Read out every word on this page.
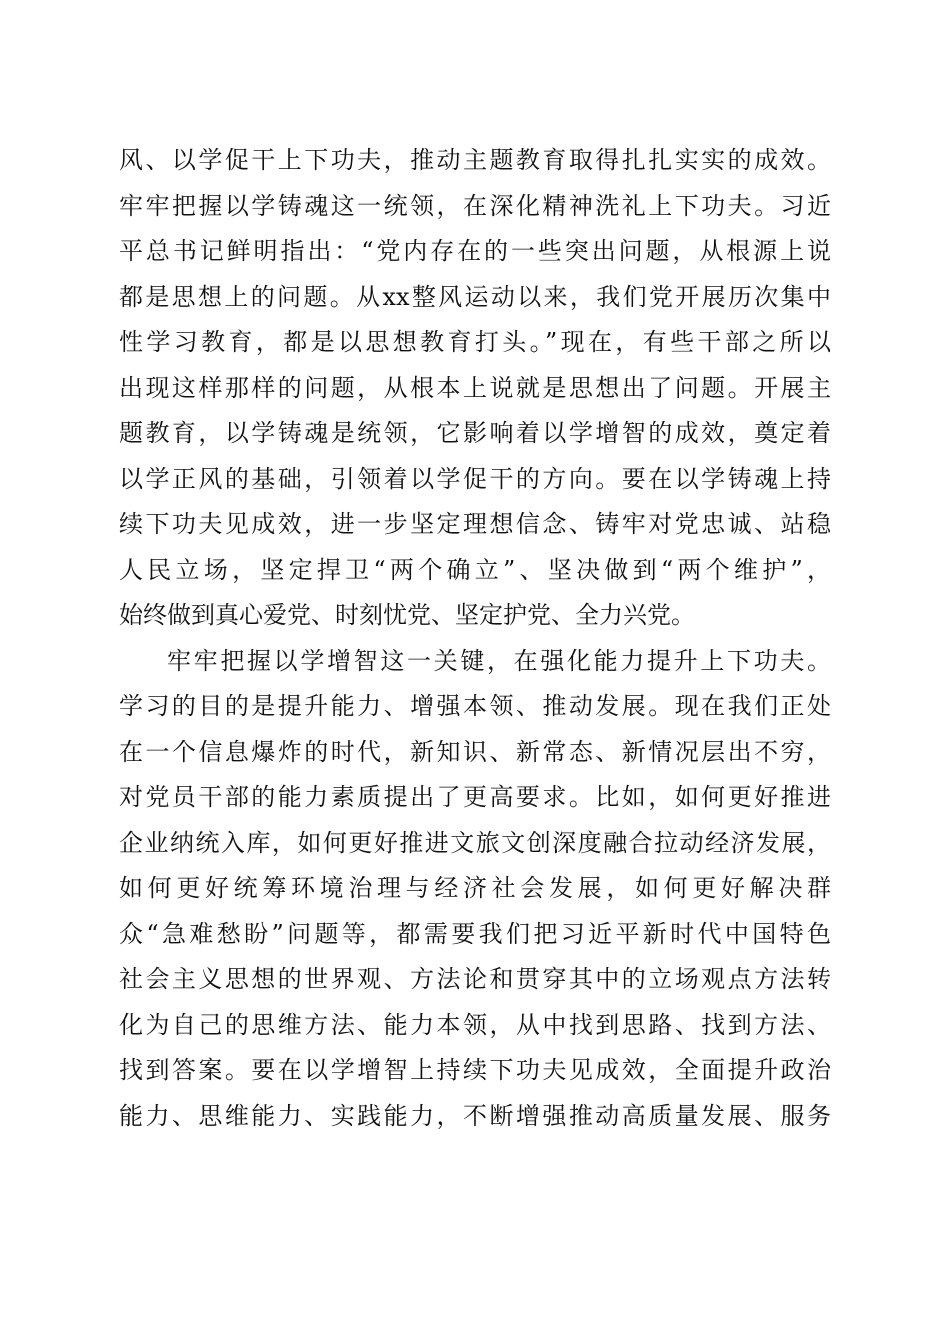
风、以学促干上下功夫，推动主题教育取得扎扎实实的成效。
牢牢把握以学铸魂这一统领，在深化精神洗礼上下功夫。习近
平总书记鲜明指出：“党内存在的一些突出问题，从根源上说
都是思想上的问题。从xx整风运动以来，我们党开展历次集中
性学习教育，都是以思想教育打头。”现在，有些干部之所以
出现这样那样的问题，从根本上说就是思想出了问题。开展主
题教育，以学铸魂是统领，它影响着以学增智的成效，奠定着
以学正风的基础，引领着以学促干的方向。要在以学铸魂上持
续下功夫见成效，进一步坚定理想信念、铸牢对党忠诚、站稳
人民立场，坚定捍卫“两个确立”、坚决做到“两个维护”，
始终做到真心爱党、时刻忧党、坚定护党、全力兴党。
牢牢把握以学增智这一关键，在强化能力提升上下功夫。
学习的目的是提升能力、增强本领、推动发展。现在我们正处
在一个信息爆炸的时代，新知识、新常态、新情况层出不穷，
对党员干部的能力素质提出了更高要求。比如，如何更好推进
企业纳统入库，如何更好推进文旅文创深度融合拉动经济发展，
如何更好统筹环境治理与经济社会发展，如何更好解决群
众“急难愁盼”问题等，都需要我们把习近平新时代中国特色
社会主义思想的世界观、方法论和贯穿其中的立场观点方法转
化为自己的思维方法、能力本领，从中找到思路、找到方法、
找到答案。要在以学增智上持续下功夫见成效，全面提升政治
能力、思维能力、实践能力，不断增强推动高质量发展、服务
